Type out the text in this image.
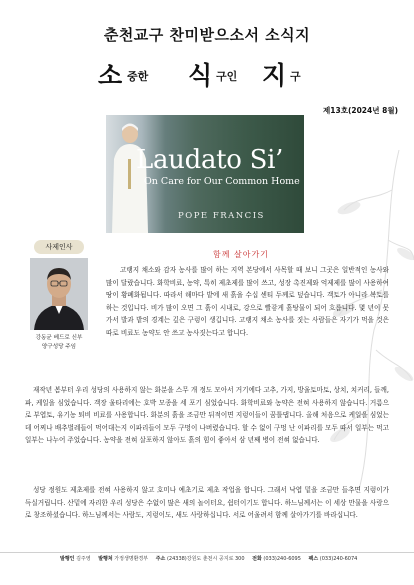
춘천교구 찬미받으소서 소식지
소 중한 식 구인 지 구
제13호(2024년 8월)
Laudato Si’
On Care for Our Common Home
POPE FRANCIS
사제인사
강동균 베드로 신부
양구성당 주임
함께 살아가기

고랭지 채소와 감자 농사를 많이 하는 지역 본당에서 사목할 때 보니 그곳은 일반적인 농사와 많이 달랐습니다. 화학비료, 농약, 특히 제초제를 많이 쓰고, 성장 촉진제와 억제제를 많이 사용하여 땅이 황폐화됩니다. 따라서 해마다 밭에 새 흙을 수십 센티 두께로 덮습니다. 객토가 아니라 복토를 하는 것입니다. 비가 많이 오면 그 흙이 시내로, 강으로 빨갛게 흙탕물이 되어 흐릅니다. 몇 년이 못가서 발과 밭의 경계는 깊은 구렁이 생깁니다. 고랭지 채소 농사를 짓는 사람들은 자기가 먹을 것은 따로 비료도 농약도 안 쓰고 농사짓는다고 합니다.

재작년 봄부터 우리 성당의 사용하지 않는 화분을 스무 개 정도 모아서 거기에다 고추, 가지, 방울토마토, 상치, 치커리, 들깨, 파, 케일을 심었습니다. 객장 울타리에는 호박 모종을 세 포기 심었습니다. 화학비료와 농약은 전혀 사용하지 않습니다. 거름으로 부엽토, 유기농 퇴비 비료를 사용합니다. 화분의 흙을 조금만 뒤적이면 지렁이들이 꿈틀댑니다. 올해 처음으로 케일을 심었는데 어찌나 배추벌레들이 먹어대는지 이파리들이 모두 구멍이 나버렸습니다. 할 수 없이 구멍 난 이파리를 모두 따서 일부는 먹고 일부는 나누어 주었습니다. 농약을 전혀 살포하지 않아도 흙의 힘이 좋아서 삼 년째 병이 전혀 없습니다.

성당 정원도 제초제를 전혀 사용하지 않고 호미나 예초기로 제초 작업을 합니다. 그래서 낙엽 밑을 조금만 들추면 지렁이가 득실거립니다. 산밑에 자리한 우리 성당은 수없이 많은 새의 놀이터요, 쉼터이기도 합니다. 하느님께서는 이 세상 만물을 사랑으로 창조하셨습니다. 하느님께서는 사람도, 지렁이도, 새도 사랑하십니다. 서로 어울려서 함께 살아가기를 바라십니다.

발행인 김주영 발행처 가정생명환경부 주소 (24338)강원도 춘천시 공지로 300 전화 (033)240-6095 팩스 (033)240-6074
